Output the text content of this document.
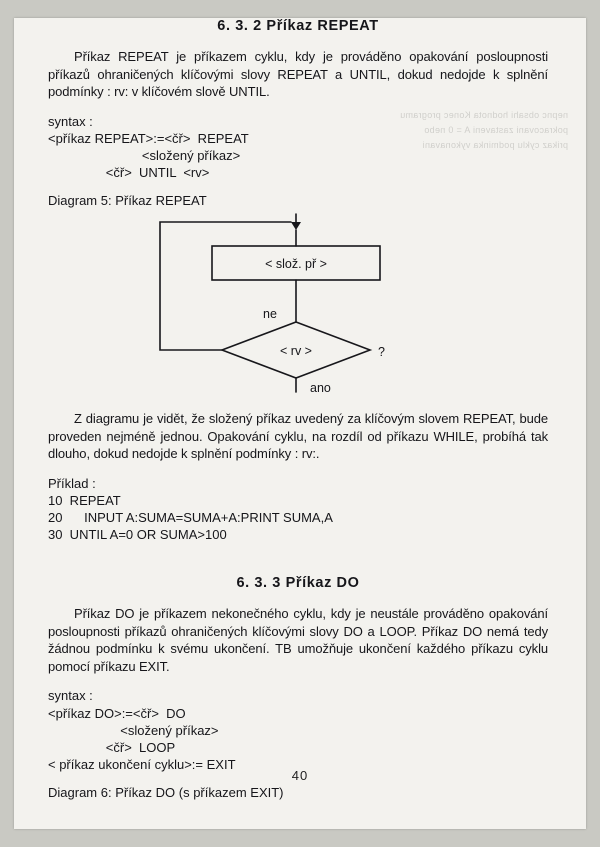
nepnc obsahi hodnota Konec programu pokracovani zastaveni A = 0 nebo prikaz cyklu podminka vykonavani
6. 3. 2 Příkaz REPEAT

Příkaz REPEAT je příkazem cyklu, kdy je prováděno opakování posloupnosti příkazů ohraničených klíčovými slovy REPEAT a UNTIL, dokud nedojde k splnění podmínky : rv: v klíčovém slově UNTIL.

syntax :

<příkaz REPEAT>:=<čř>  REPEAT

<složený příkaz>

<čř>  UNTIL  <rv>

Diagram 5: Příkaz REPEAT

< slož. př >
< rv >	?
ne
ano

Z diagramu je vidět, že složený příkaz uvedený za klíčovým slovem REPEAT, bude proveden nejméně jednou. Opakování cyklu, na rozdíl od příkazu WHILE, probíhá tak dlouho, dokud nedojde k splnění podmínky : rv:.

Příklad :

10  REPEAT

20      INPUT A:SUMA=SUMA+A:PRINT SUMA,A

30  UNTIL A=0 OR SUMA>100

6. 3. 3 Příkaz DO

Příkaz DO je příkazem nekonečného cyklu, kdy je neustále prováděno opakování posloupnosti příkazů ohraničených klíčovými slovy DO a LOOP. Příkaz DO nemá tedy žádnou podmínku k svému ukončení. TB umožňuje ukončení každého příkazu cyklu pomocí příkazu EXIT.

syntax :

<příkaz DO>:=<čř>  DO

<složený příkaz>

<čř>  LOOP

< příkaz ukončení cyklu>:= EXIT

Diagram 6: Příkaz DO (s příkazem EXIT)

40
